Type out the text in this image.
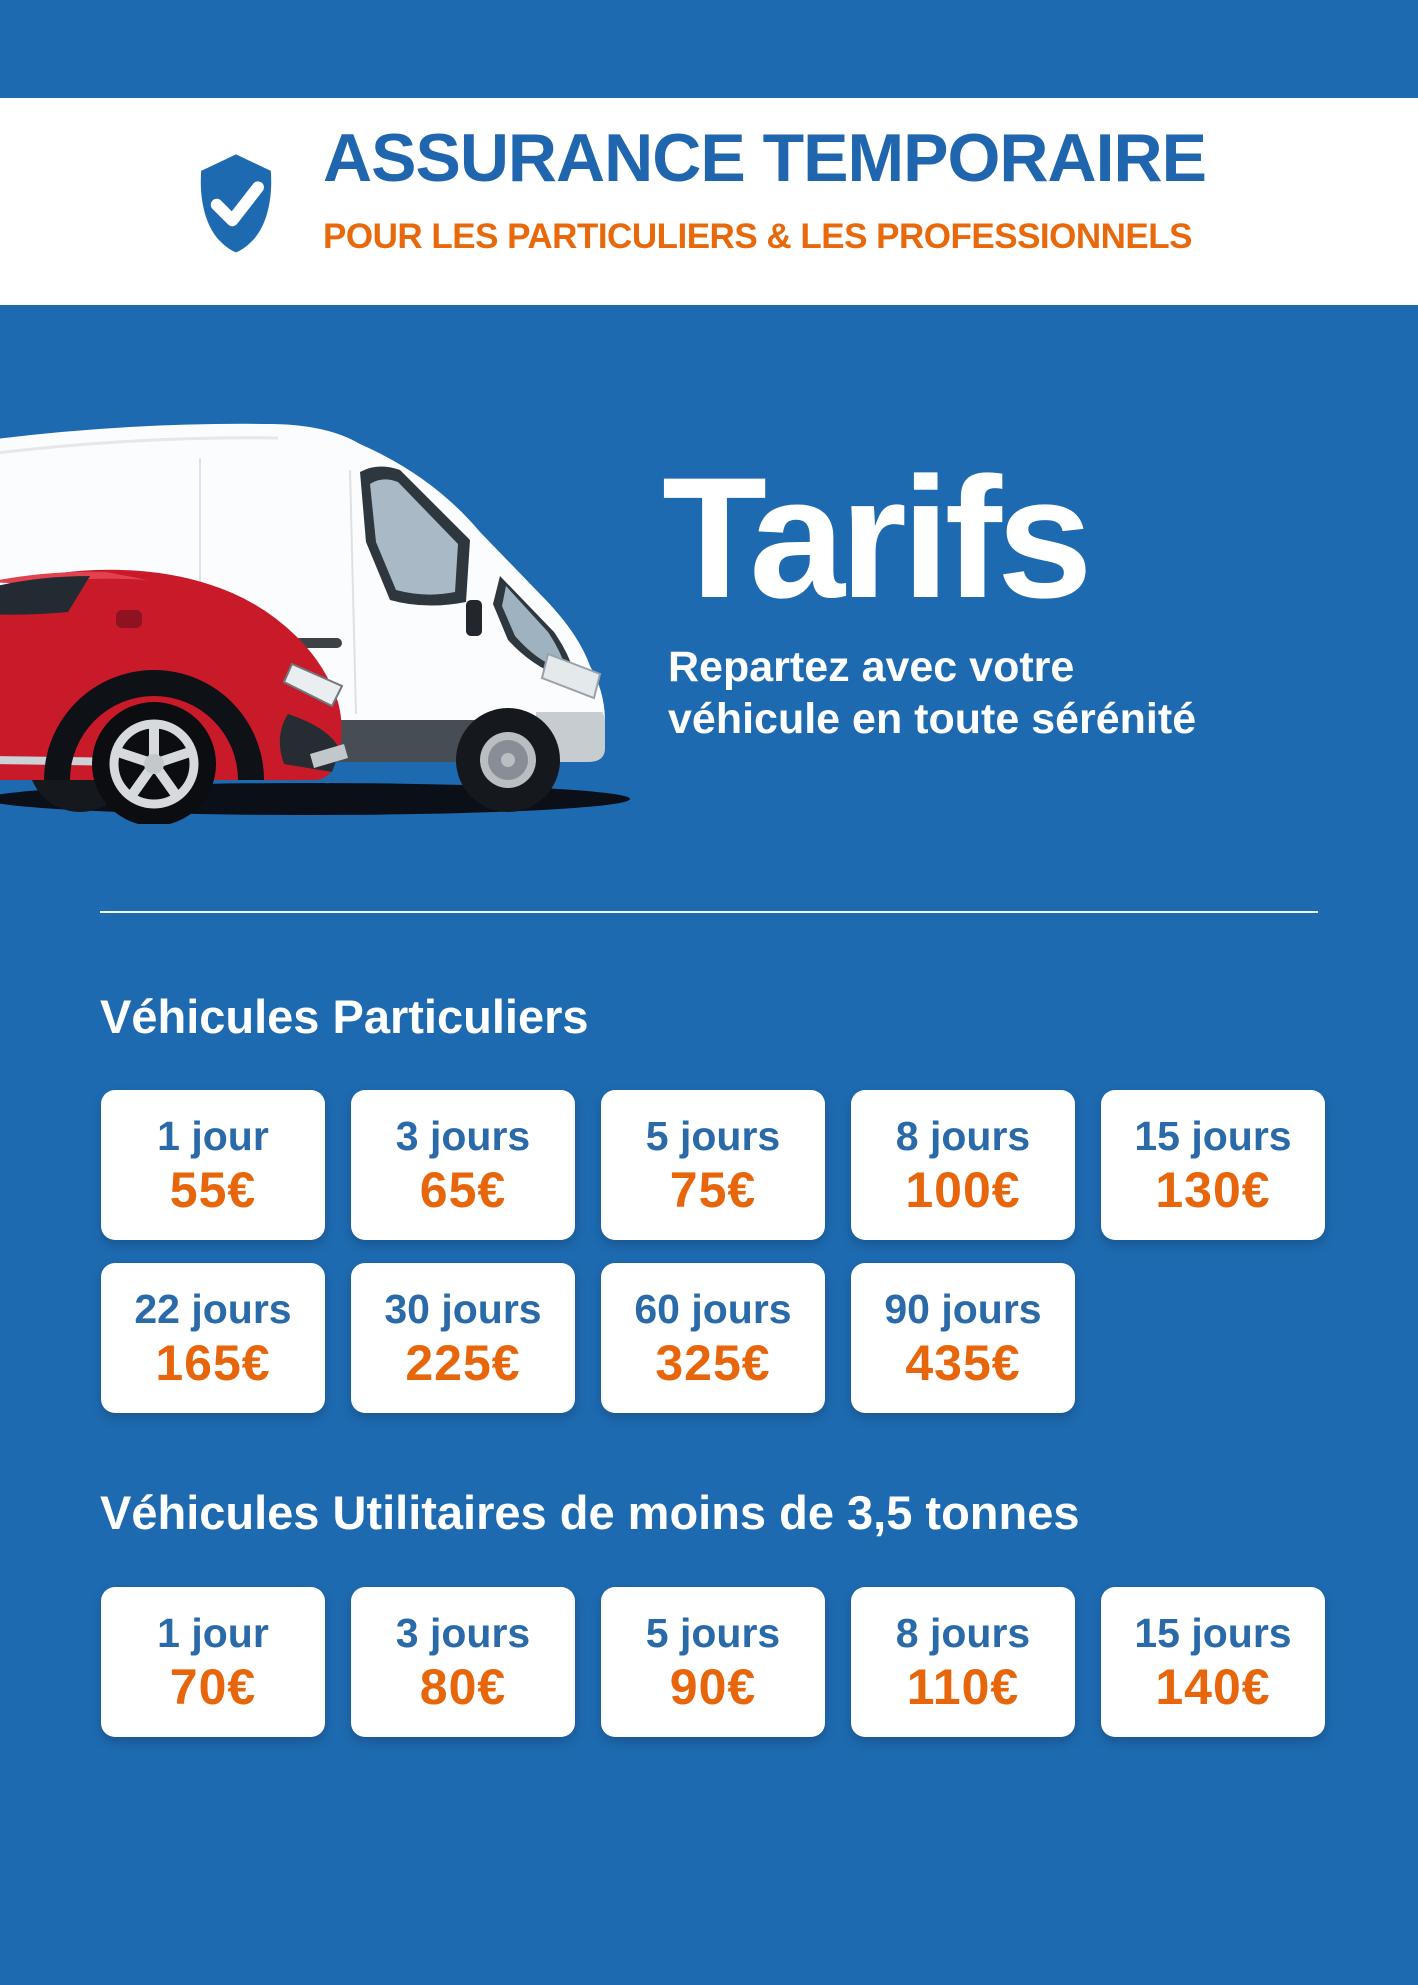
ASSURANCE TEMPORAIRE
POUR LES PARTICULIERS & LES PROFESSIONNELS
Tarifs

Repartez avec votre
véhicule en toute sérénité

Véhicules Particuliers
1 jour
55€
3 jours
65€
5 jours
75€
8 jours
100€
15 jours
130€
22 jours
165€
30 jours
225€
60 jours
325€
90 jours
435€
Véhicules Utilitaires de moins de 3,5 tonnes
1 jour
70€
3 jours
80€
5 jours
90€
8 jours
110€
15 jours
140€
